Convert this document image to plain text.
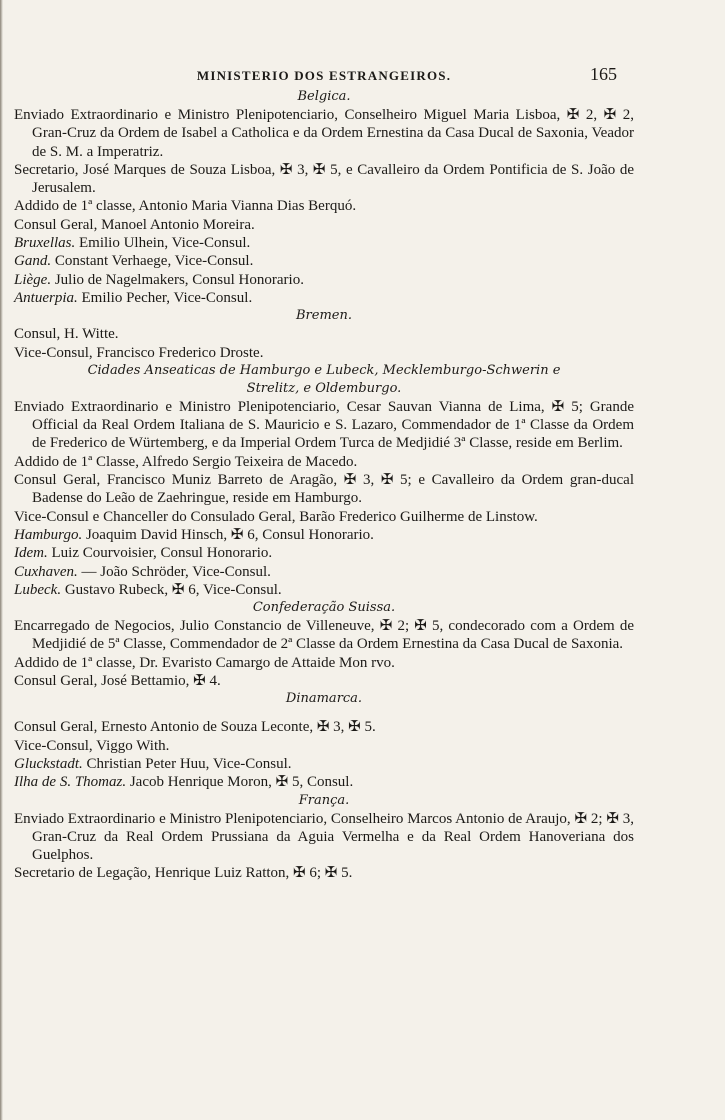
MINISTERIO DOS ESTRANGEIROS.	165

Belgica.

Enviado Extraordinario e Ministro Plenipotenciario, Conselheiro Miguel Maria Lisboa, ✠ 2, ✠ 2, Gran-Cruz da Ordem de Isabel a Catholica e da Ordem Ernestina da Casa Ducal de Saxonia, Veador de S. M. a Imperatriz.

Secretario, José Marques de Souza Lisboa, ✠ 3, ✠ 5, e Cavalleiro da Ordem Pontificia de S. João de Jerusalem.

Addido de 1ª classe, Antonio Maria Vianna Dias Berquó.

Consul Geral, Manoel Antonio Moreira.

Bruxellas. Emilio Ulhein, Vice-Consul.

Gand. Constant Verhaege, Vice-Consul.

Liège. Julio de Nagelmakers, Consul Honorario.

Antuerpia. Emilio Pecher, Vice-Consul.

Bremen.

Consul, H. Witte.

Vice-Consul, Francisco Frederico Droste.

Cidades Anseaticas de Hamburgo e Lubeck, Mecklemburgo-Schwerin e Strelitz, e Oldemburgo.

Enviado Extraordinario e Ministro Plenipotenciario, Cesar Sauvan Vianna de Lima, ✠ 5; Grande Official da Real Ordem Italiana de S. Mauricio e S. Lazaro, Commendador de 1ª Classe da Ordem de Frederico de Würtemberg, e da Imperial Ordem Turca de Medjidié 3ª Classe, reside em Berlim.

Addido de 1ª Classe, Alfredo Sergio Teixeira de Macedo.

Consul Geral, Francisco Muniz Barreto de Aragão, ✠ 3, ✠ 5; e Cavalleiro da Ordem gran-ducal Badense do Leão de Zaehringue, reside em Hamburgo.

Vice-Consul e Chanceller do Consulado Geral, Barão Frederico Guilherme de Linstow.

Hamburgo. Joaquim David Hinsch, ✠ 6, Consul Honorario.

Idem. Luiz Courvoisier, Consul Honorario.

Cuxhaven. — João Schröder, Vice-Consul.

Lubeck. Gustavo Rubeck, ✠ 6, Vice-Consul.

Confederação Suissa.

Encarregado de Negocios, Julio Constancio de Villeneuve, ✠ 2; ✠ 5, condecorado com a Ordem de Medjidié de 5ª Classe, Commendador de 2ª Classe da Ordem Ernestina da Casa Ducal de Saxonia.

Addido de 1ª classe, Dr. Evaristo Camargo de Attaide Mon rvo.

Consul Geral, José Bettamio, ✠ 4.

Dinamarca.

Consul Geral, Ernesto Antonio de Souza Leconte, ✠ 3, ✠ 5.

Vice-Consul, Viggo With.

Gluckstadt. Christian Peter Huu, Vice-Consul.

Ilha de S. Thomaz. Jacob Henrique Moron, ✠ 5, Consul.

França.

Enviado Extraordinario e Ministro Plenipotenciario, Conselheiro Marcos Antonio de Araujo, ✠ 2; ✠ 3, Gran-Cruz da Real Ordem Prussiana da Aguia Vermelha e da Real Ordem Hanoveriana dos Guelphos.

Secretario de Legação, Henrique Luiz Ratton, ✠ 6; ✠ 5.
